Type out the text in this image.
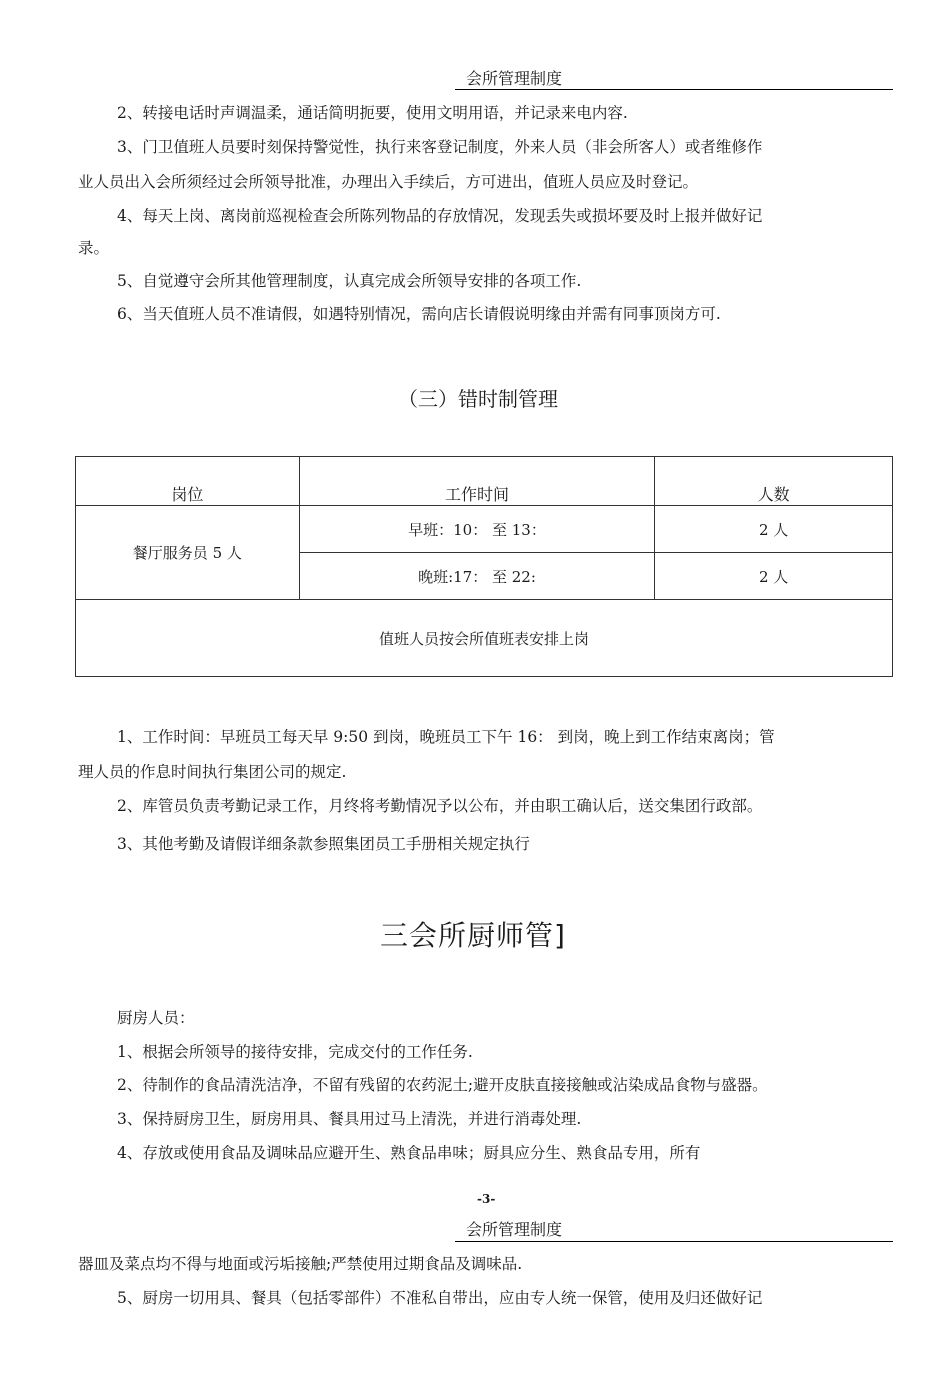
会所管理制度
2、转接电话时声调温柔，通话简明扼要，使用文明用语，并记录来电内容.
3、门卫值班人员要时刻保持警觉性，执行来客登记制度，外来人员（非会所客人）或者维修作
业人员出入会所须经过会所领导批准，办理出入手续后，方可进出，值班人员应及时登记。
4、每天上岗、离岗前巡视检查会所陈列物品的存放情况，发现丢失或损坏要及时上报并做好记
录。
5、自觉遵守会所其他管理制度，认真完成会所领导安排的各项工作.
6、当天值班人员不准请假，如遇特别情况，需向店长请假说明缘由并需有同事顶岗方可.
（三）错时制管理
岗位	工作时间	人数
餐厅服务员 5 人	早班：10： 至 13：	2 人
	晚班:17： 至 22:	2 人
值班人员按会所值班表安排上岗		
1、工作时间：早班员工每天早 9:50 到岗，晚班员工下午 16： 到岗，晚上到工作结束离岗；管
理人员的作息时间执行集团公司的规定.
2、库管员负责考勤记录工作，月终将考勤情况予以公布，并由职工确认后，送交集团行政部。
3、其他考勤及请假详细条款参照集团员工手册相关规定执行
三会所厨师管]
厨房人员：
1、根据会所领导的接待安排，完成交付的工作任务.
2、待制作的食品清洗洁净，不留有残留的农药泥土;避开皮肤直接接触或沾染成品食物与盛器。
3、保持厨房卫生，厨房用具、餐具用过马上清洗，并进行消毒处理.
4、存放或使用食品及调味品应避开生、熟食品串味；厨具应分生、熟食品专用，所有
-3-
会所管理制度
器皿及菜点均不得与地面或污垢接触;严禁使用过期食品及调味品.
5、厨房一切用具、餐具（包括零部件）不准私自带出，应由专人统一保管，使用及归还做好记
